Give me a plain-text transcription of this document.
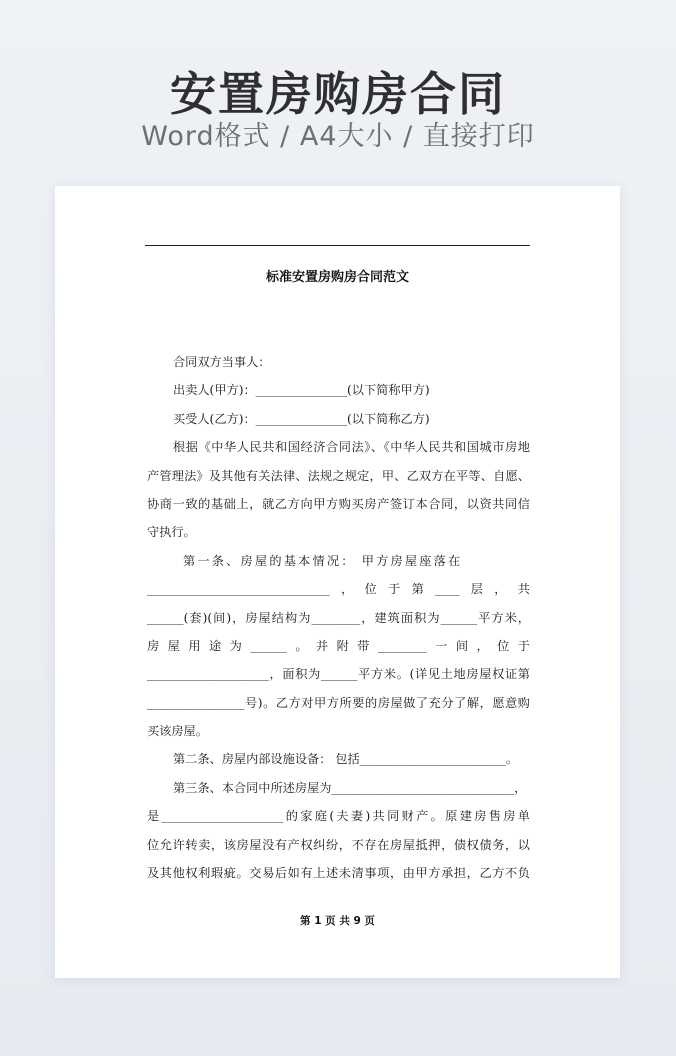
安置房购房合同
Word格式 / A4大小 / 直接打印
标准安置房购房合同范文
合同双方当事人：
出卖人(甲方)：_______________(以下简称甲方)
买受人(乙方)：_______________(以下简称乙方)
根据《中华人民共和国经济合同法》、《中华人民共和国城市房地
产管理法》及其他有关法律、法规之规定，甲、乙双方在平等、自愿、
协商一致的基础上，就乙方向甲方购买房产签订本合同，以资共同信
守执行。
第一条、房屋的基本情况： 甲方房屋座落在
______________________________，位于第____层，共
______(套)(间)，房屋结构为________，建筑面积为______平方米，
房屋用途为______。并附带________一间，位于
____________________，面积为______平方米。(详见土地房屋权证第
________________号)。乙方对甲方所要的房屋做了充分了解，愿意购
买该房屋。
第二条、房屋内部设施设备： 包括________________________。
第三条、本合同中所述房屋为______________________________，
是____________________的家庭(夫妻)共同财产。原建房售房单
位允许转卖，该房屋没有产权纠纷，不存在房屋抵押，债权债务，以
及其他权利瑕疵。交易后如有上述未清事项，由甲方承担，乙方不负
第 1 页 共 9 页
